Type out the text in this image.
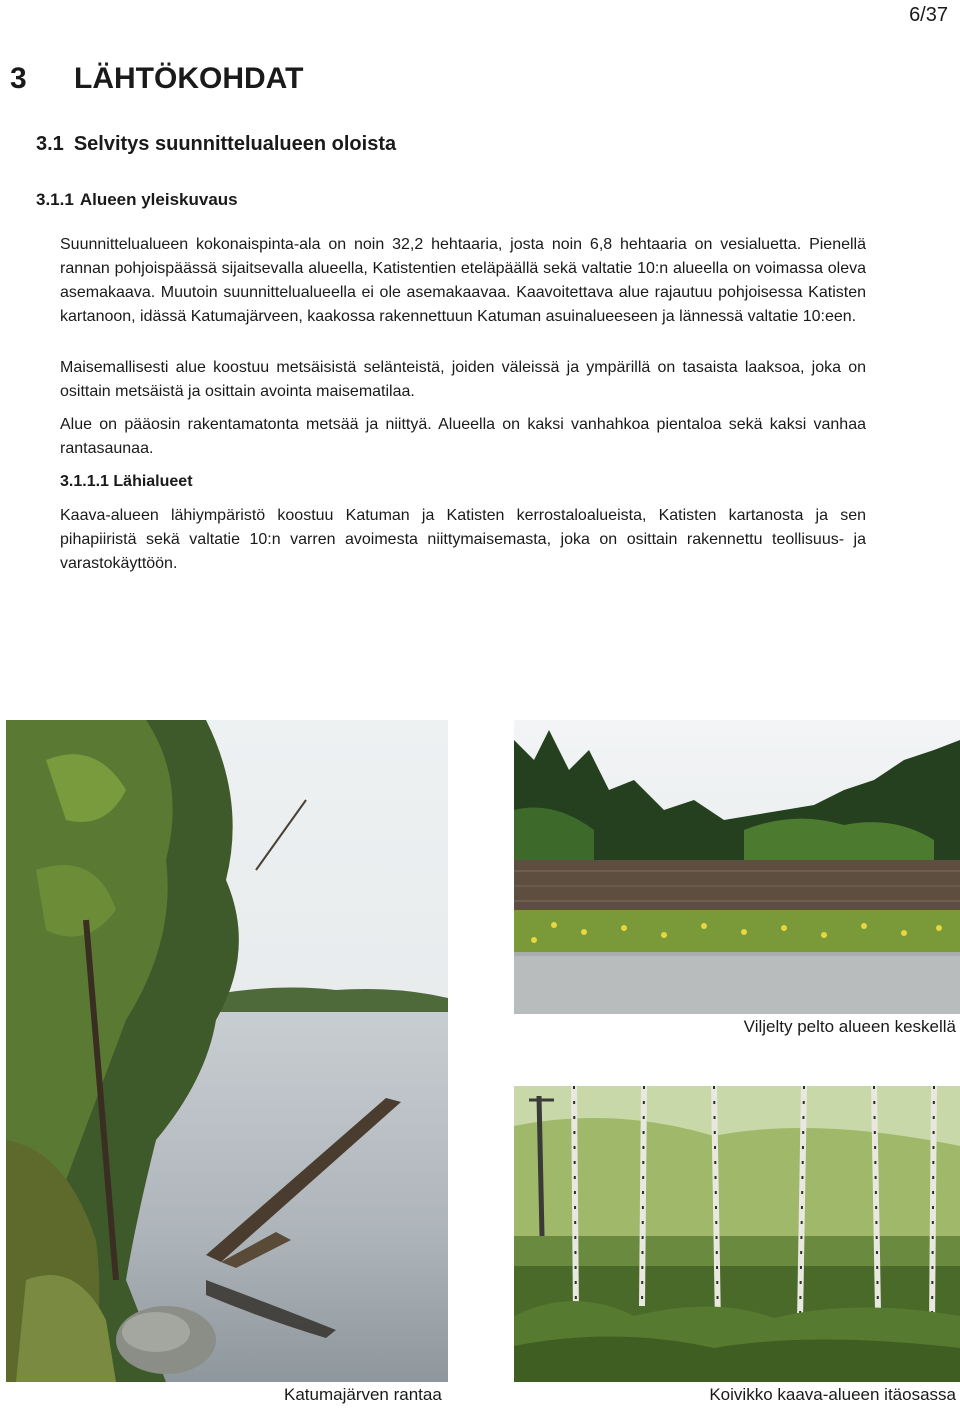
6/37
3 LÄHTÖKOHDAT
3.1 Selvitys suunnittelualueen oloista
3.1.1 Alueen yleiskuvaus

Suunnittelualueen kokonaispinta-ala on noin 32,2 hehtaaria, josta noin 6,8 hehtaaria on vesialuetta. Pienellä rannan pohjoispäässä sijaitsevalla alueella, Katistentien eteläpäällä sekä valtatie 10:n alueella on voimassa oleva asemakaava. Muutoin suunnittelualueella ei ole asemakaavaa. Kaavoitettava alue rajautuu pohjoisessa Katisten kartanoon, idässä Katumajärveen, kaakossa rakennettuun Katuman asuinalueeseen ja lännessä valtatie 10:een.

Maisemallisesti alue koostuu metsäisistä selänteistä, joiden väleissä ja ympärillä on tasaista laaksoa, joka on osittain metsäistä ja osittain avointa maisematilaa.

Alue on pääosin rakentamatonta metsää ja niittyä. Alueella on kaksi vanhahkoa pientaloa sekä kaksi vanhaa rantasaunaa.

3.1.1.1 Lähialueet

Kaava-alueen lähiympäristö koostuu Katuman ja Katisten kerrostaloalueista, Katisten kartanosta ja sen pihapiiristä sekä valtatie 10:n varren avoimesta niittymaisemasta, joka on osittain rakennettu teollisuus- ja varastokäyttöön.

Viljelty pelto alueen keskellä
Katumajärven rantaa	Koivikko kaava-alueen itäosassa
